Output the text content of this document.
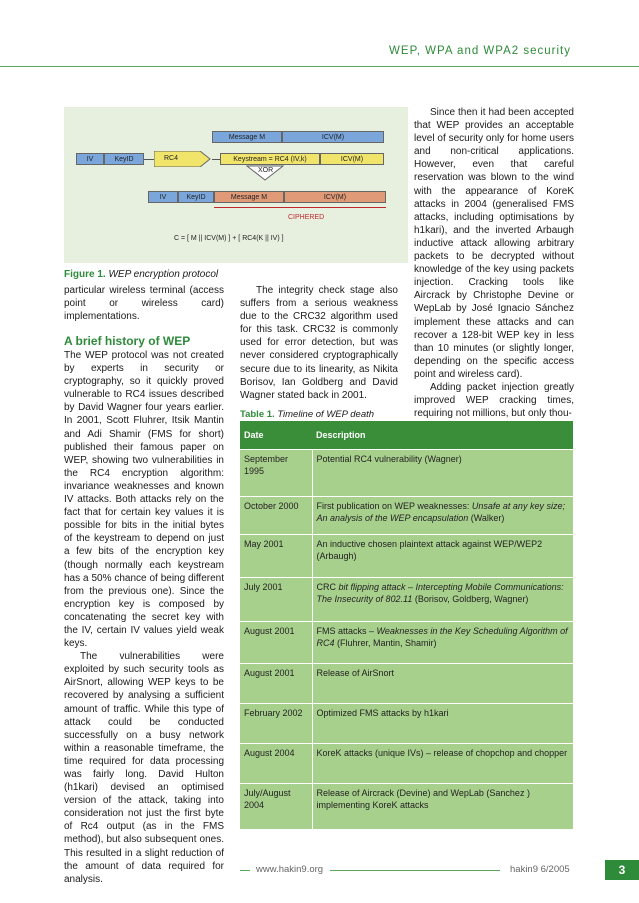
WEP, WPA and WPA2 security
Message M	ICV(M)
IV	KeyID	RC4	Keystream = RC4 (IV,k)	ICV(M)
XOR
IV	KeyID	Message M	ICV(M)
CIPHERED
C = [ M || ICV(M) ] + [ RC4(K || IV) ]
Figure 1. WEP encryption protocol

particular wireless terminal (access point or wireless card) implementations.

A brief history of WEP

The WEP protocol was not created by experts in security or cryptography, so it quickly proved vulnerable to RC4 issues described by David Wagner four years earlier. In 2001, Scott Fluhrer, Itsik Mantin and Adi Shamir (FMS for short) published their famous paper on WEP, showing two vulnerabilities in the RC4 encryption algorithm: invariance weaknesses and known IV attacks. Both attacks rely on the fact that for certain key values it is possible for bits in the initial bytes of the keystream to depend on just a few bits of the encryption key (though normally each keystream has a 50% chance of being different from the previous one). Since the encryption key is composed by concatenating the secret key with the IV, certain IV values yield weak keys.

The vulnerabilities were exploited by such security tools as AirSnort, allowing WEP keys to be recovered by analysing a sufficient amount of traffic. While this type of attack could be conducted successfully on a busy network within a reasonable timeframe, the time required for data processing was fairly long. David Hulton (h1kari) devised an optimised version of the attack, taking into consideration not just the first byte of Rc4 output (as in the FMS method), but also subsequent ones. This resulted in a slight reduction of the amount of data required for analysis.

The integrity check stage also suffers from a serious weakness due to the CRC32 algorithm used for this task. CRC32 is commonly used for error detection, but was never considered cryptographically secure due to its linearity, as Nikita Borisov, Ian Goldberg and David Wagner stated back in 2001.

Since then it had been accepted that WEP provides an acceptable level of security only for home users and non-critical applications. However, even that careful reservation was blown to the wind with the appearance of KoreK attacks in 2004 (generalised FMS attacks, including optimisations by h1kari), and the inverted Arbaugh inductive attack allowing arbitrary packets to be decrypted without knowledge of the key using packets injection. Cracking tools like Aircrack by Christophe Devine or WepLab by José Ignacio Sánchez implement these attacks and can recover a 128-bit WEP key in less than 10 minutes (or slightly longer, depending on the specific access point and wireless card).

Adding packet injection greatly improved WEP cracking times, requiring not millions, but only thou-

Table 1. Timeline of WEP death
Date	Description
September 1995	Potential RC4 vulnerability (Wagner)
October 2000	First publication on WEP weaknesses: Unsafe at any key size; An analysis of the WEP encapsulation (Walker)
May 2001	An inductive chosen plaintext attack against WEP/WEP2 (Arbaugh)
July 2001	CRC bit flipping attack – Intercepting Mobile Communications: The Insecurity of 802.11 (Borisov, Goldberg, Wagner)
August 2001	FMS attacks – Weaknesses in the Key Scheduling Algorithm of RC4 (Fluhrer, Mantin, Shamir)
August 2001	Release of AirSnort
February 2002	Optimized FMS attacks by h1kari
August 2004	KoreK attacks (unique IVs) – release of chopchop and chopper
July/August 2004	Release of Aircrack (Devine) and WepLab (Sanchez ) implementing KoreK attacks
www.hakin9.org	hakin9 6/2005	3
